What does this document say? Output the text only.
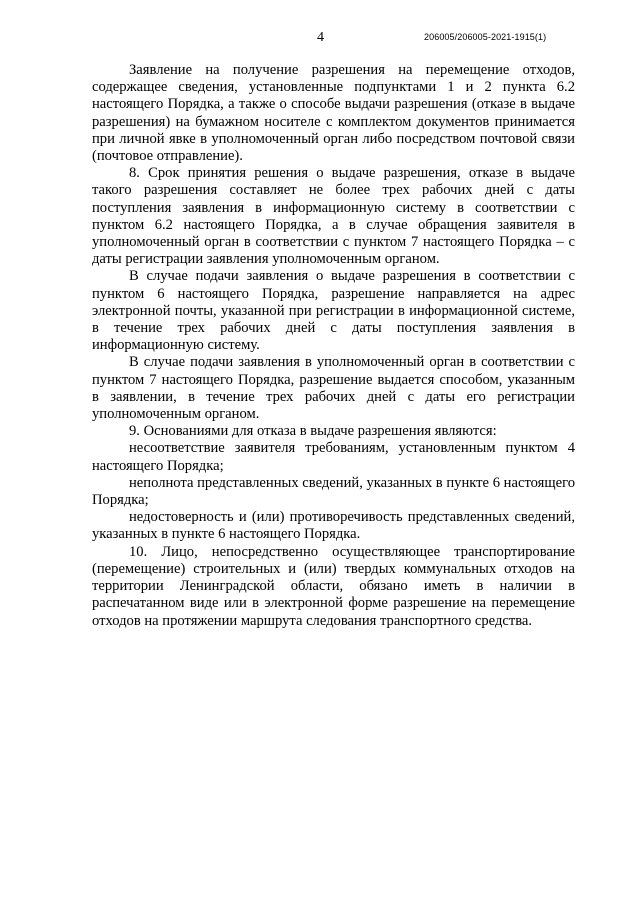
4	206005/206005-2021-1915(1)

Заявление на получение разрешения на перемещение отходов, содержащее сведения, установленные подпунктами 1 и 2 пункта 6.2 настоящего Порядка, а также о способе выдачи разрешения (отказе в выдаче разрешения) на бумажном носителе с комплектом документов принимается при личной явке в уполномоченный орган либо посредством почтовой связи (почтовое отправление).

8. Срок принятия решения о выдаче разрешения, отказе в выдаче такого разрешения составляет не более трех рабочих дней с даты поступления заявления в информационную систему в соответствии с пунктом 6.2 настоящего Порядка, а в случае обращения заявителя в уполномоченный орган в соответствии с пунктом 7 настоящего Порядка – с даты регистрации заявления уполномоченным органом.

В случае подачи заявления о выдаче разрешения в соответствии с пунктом 6 настоящего Порядка, разрешение направляется на адрес электронной почты, указанной при регистрации в информационной системе, в течение трех рабочих дней с даты поступления заявления в информационную систему.

В случае подачи заявления в уполномоченный орган в соответствии с пунктом 7 настоящего Порядка, разрешение выдается способом, указанным в заявлении, в течение трех рабочих дней с даты его регистрации уполномоченным органом.

9. Основаниями для отказа в выдаче разрешения являются:

несоответствие заявителя требованиям, установленным пунктом 4 настоящего Порядка;

неполнота представленных сведений, указанных в пункте 6 настоящего Порядка;

недостоверность и (или) противоречивость представленных сведений, указанных в пункте 6 настоящего Порядка.

10. Лицо, непосредственно осуществляющее транспортирование (перемещение) строительных и (или) твердых коммунальных отходов на территории Ленинградской области, обязано иметь в наличии в распечатанном виде или в электронной форме разрешение на перемещение отходов на протяжении маршрута следования транспортного средства.
